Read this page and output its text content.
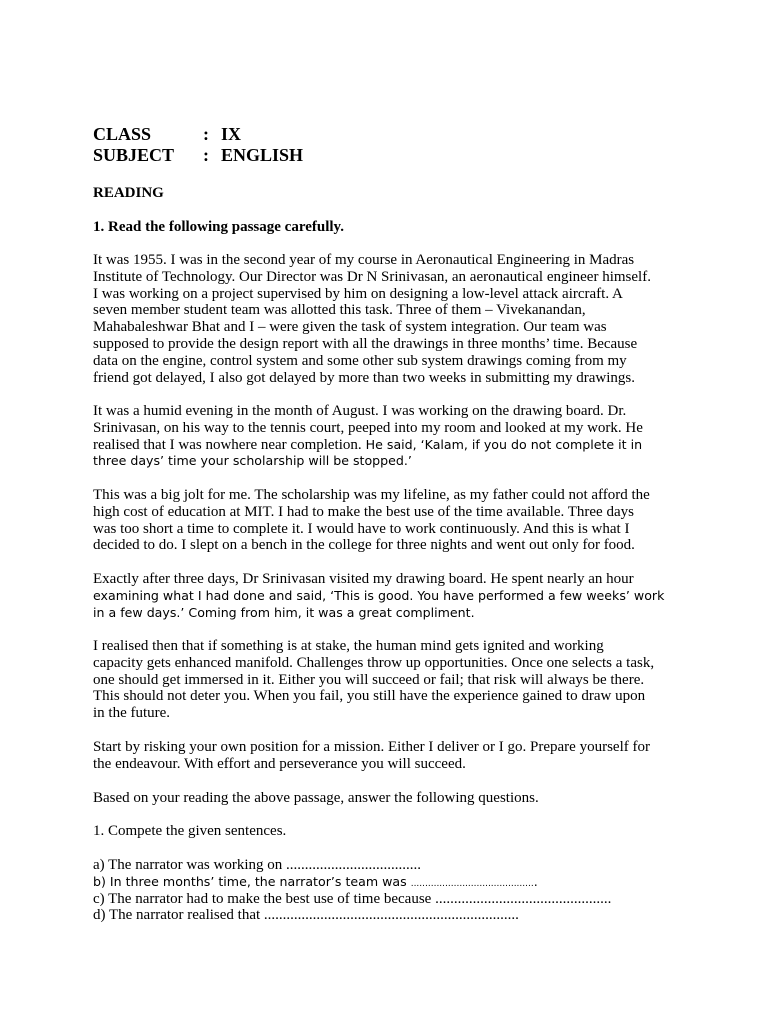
CLASS	: IX
SUBJECT	: ENGLISH
READING
1. Read the following passage carefully.
It was 1955. I was in the second year of my course in Aeronautical Engineering in Madras
Institute of Technology. Our Director was Dr N Srinivasan, an aeronautical engineer himself.
I was working on a project supervised by him on designing a low-level attack aircraft. A
seven member student team was allotted this task. Three of them – Vivekanandan,
Mahabaleshwar Bhat and I – were given the task of system integration. Our team was
supposed to provide the design report with all the drawings in three months’ time. Because
data on the engine, control system and some other sub system drawings coming from my
friend got delayed, I also got delayed by more than two weeks in submitting my drawings.
It was a humid evening in the month of August. I was working on the drawing board. Dr.
Srinivasan, on his way to the tennis court, peeped into my room and looked at my work. He
realised that I was nowhere near completion. He said, ‘Kalam, if you do not complete it in
three days’ time your scholarship will be stopped.’
This was a big jolt for me. The scholarship was my lifeline, as my father could not afford the
high cost of education at MIT. I had to make the best use of the time available. Three days
was too short a time to complete it. I would have to work continuously. And this is what I
decided to do. I slept on a bench in the college for three nights and went out only for food.
Exactly after three days, Dr Srinivasan visited my drawing board. He spent nearly an hour
examining what I had done and said, ‘This is good. You have performed a few weeks’ work
in a few days.’ Coming from him, it was a great compliment.
I realised then that if something is at stake, the human mind gets ignited and working
capacity gets enhanced manifold. Challenges throw up opportunities. Once one selects a task,
one should get immersed in it. Either you will succeed or fail; that risk will always be there.
This should not deter you. When you fail, you still have the experience gained to draw upon
in the future.
Start by risking your own position for a mission. Either I deliver or I go. Prepare yourself for
the endeavour. With effort and perseverance you will succeed.
Based on your reading the above passage, answer the following questions.
1. Compete the given sentences.
a) The narrator was working on ....................................
b) In three months’ time, the narrator’s team was ............................................
c) The narrator had to make the best use of time because ...............................................
d) The narrator realised that ....................................................................
